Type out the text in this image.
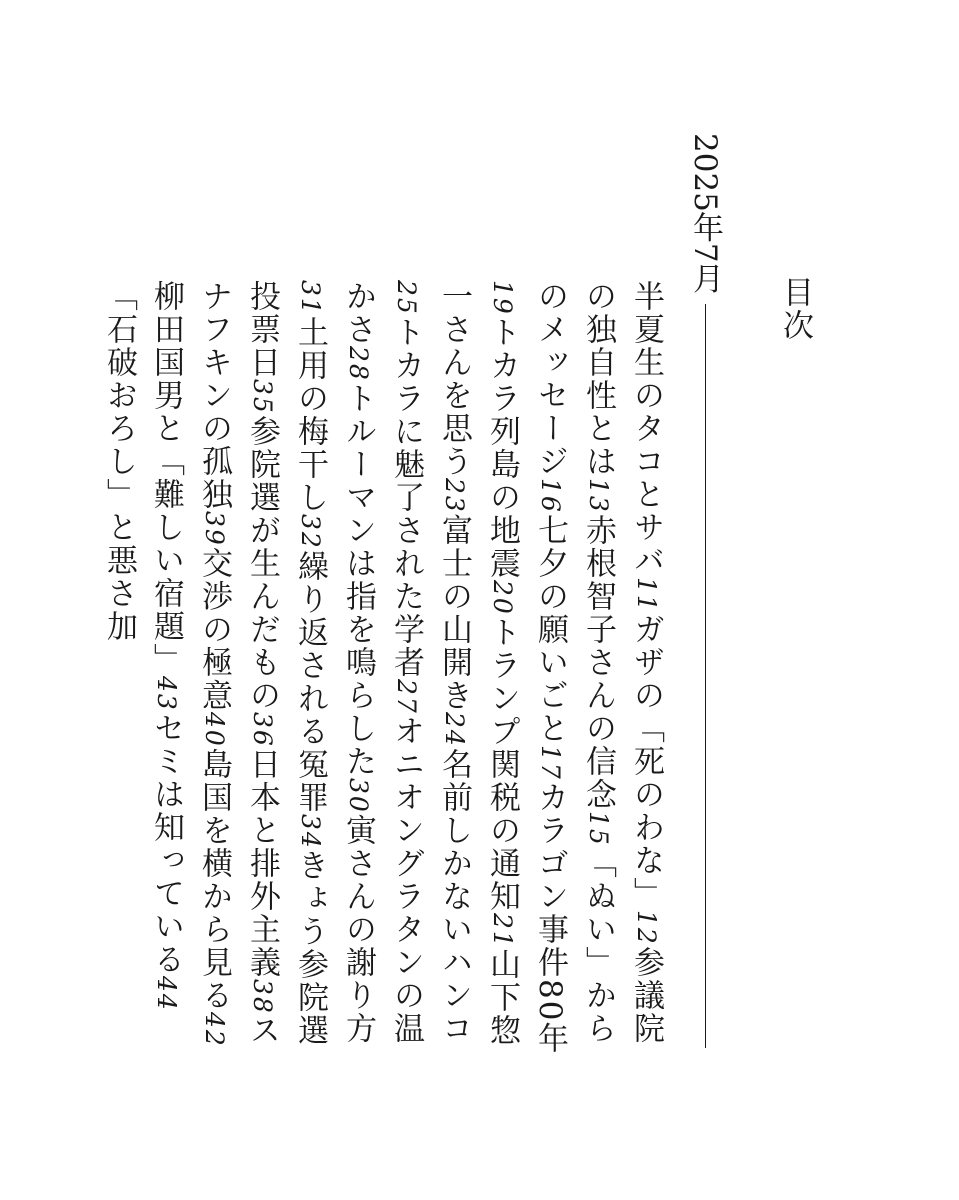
目次
2025年7月
半夏生のタコとサバ11ガザの「死のわな」12参議院の独自性とは13赤根智子さんの信念15「ぬい」からのメッセージ16七夕の願いごと17カラゴン事件80年19トカラ列島の地震20トランプ関税の通知21山下惣一さんを思う23富士の山開き24名前しかないハンコ25トカラに魅了された学者27オニオングラタンの温かさ28トルーマンは指を鳴らした30寅さんの謝り方31土用の梅干し32繰り返される冤罪34きょう参院選投票日35参院選が生んだもの36日本と排外主義38スナフキンの孤独39交渉の極意40島国を横から見る42柳田国男と「難しい宿題」43セミは知っている44「石破おろし」と悪さ加
